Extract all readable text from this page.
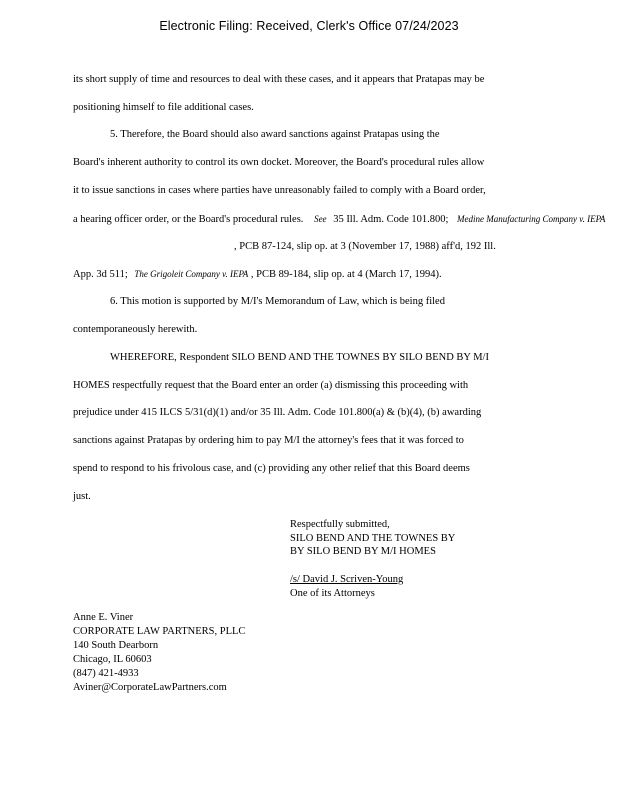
Electronic Filing: Received, Clerk's Office 07/24/2023
its short supply of time and resources to deal with these cases, and it appears that Pratapas may be
positioning himself to file additional cases.
5. Therefore, the Board should also award sanctions against Pratapas using the
Board's inherent authority to control its own docket. Moreover, the Board's procedural rules allow
it to issue sanctions in cases where parties have unreasonably failed to comply with a Board order,
a hearing officer order, or the Board's procedural rules. See 35 Ill. Adm. Code 101.800; Medine Manufacturing Company v. IEPA
, PCB 87-124, slip op. at 3 (November 17, 1988) aff'd, 192 Ill.
App. 3d 511; The Grigoleit Company v. IEPA , PCB 89-184, slip op. at 4 (March 17, 1994).
6. This motion is supported by M/I's Memorandum of Law, which is being filed
contemporaneously herewith.
WHEREFORE, Respondent SILO BEND AND THE TOWNES BY SILO BEND BY M/I
HOMES respectfully request that the Board enter an order (a) dismissing this proceeding with
prejudice under 415 ILCS 5/31(d)(1) and/or 35 Ill. Adm. Code 101.800(a) & (b)(4), (b) awarding
sanctions against Pratapas by ordering him to pay M/I the attorney's fees that it was forced to
spend to respond to his frivolous case, and (c) providing any other relief that this Board deems
just.
Respectfully submitted,
SILO BEND AND THE TOWNES BY
BY SILO BEND BY M/I HOMES
/s/ David J. Scriven-Young
One of its Attorneys
Anne E. Viner
CORPORATE LAW PARTNERS, PLLC
140 South Dearborn
Chicago, IL 60603
(847) 421-4933
Aviner@CorporateLawPartners.com
